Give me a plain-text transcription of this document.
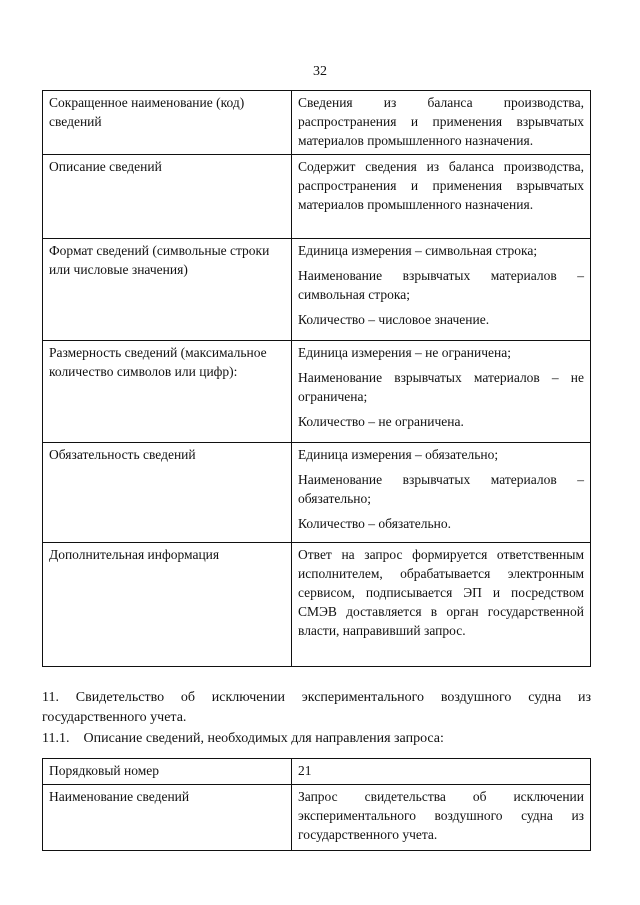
32
Сокращенное наименование (код) сведений	Сведения из баланса производства, распространения и применения взрывчатых материалов промышленного назначения.

Описание сведений	Содержит сведения из баланса производства, распространения и применения взрывчатых материалов промышленного назначения.

Формат сведений (символьные строки или числовые значения)	Единица измерения – символьная строка;
Наименование взрывчатых материалов – символьная строка;
Количество – числовое значение.

Размерность сведений (максимальное количество символов или цифр):	Единица измерения – не ограничена;
Наименование взрывчатых материалов – не ограничена;
Количество – не ограничена.

Обязательность сведений	Единица измерения – обязательно;
Наименование взрывчатых материалов – обязательно;
Количество – обязательно.

Дополнительная информация	Ответ на запрос формируется ответственным исполнителем, обрабатывается электронным сервисом, подписывается ЭП и посредством СМЭВ доставляется в орган государственной власти, направивший запрос.
11. Свидетельство об исключении экспериментального воздушного судна из государственного учета.
11.1.    Описание сведений, необходимых для направления запроса:
Порядковый номер	21

Наименование сведений	Запрос свидетельства об исключении экспериментального воздушного судна из государственного учета.
